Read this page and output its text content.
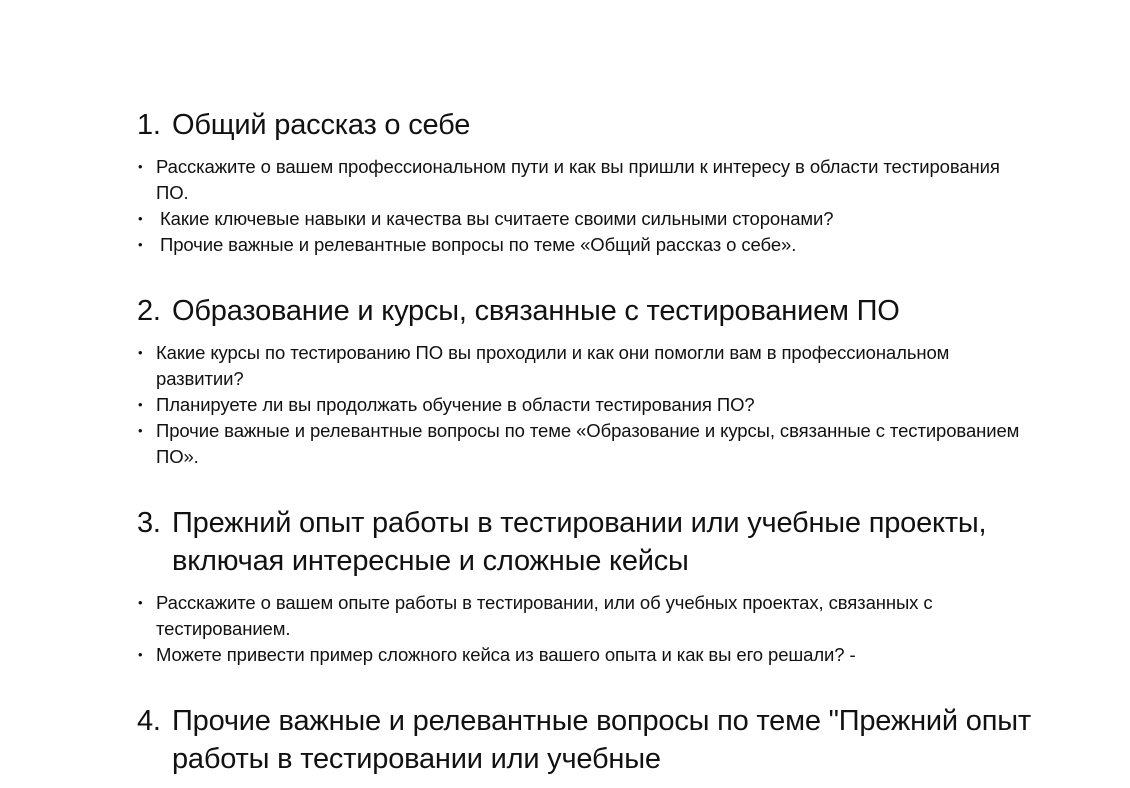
1. Общий рассказ о себе
• Расскажите о вашем профессиональном пути и как вы пришли к интересу в области тестирования ПО.
• Какие ключевые навыки и качества вы считаете своими сильными сторонами?
• Прочие важные и релевантные вопросы по теме «Общий рассказ о себе».
2. Образование и курсы, связанные с тестированием ПО
• Какие курсы по тестированию ПО вы проходили и как они помогли вам в профессиональном развитии?
• Планируете ли вы продолжать обучение в области тестирования ПО?
• Прочие важные и релевантные вопросы по теме «Образование и курсы, связанные с тестированием ПО».
3. Прежний опыт работы в тестировании или учебные проекты, включая интересные и сложные кейсы
• Расскажите о вашем опыте работы в тестировании, или об учебных проектах, связанных с тестированием.
• Можете привести пример сложного кейса из вашего опыта и как вы его решали? -
4. Прочие важные и релевантные вопросы по теме "Прежний опыт работы в тестировании или учебные
